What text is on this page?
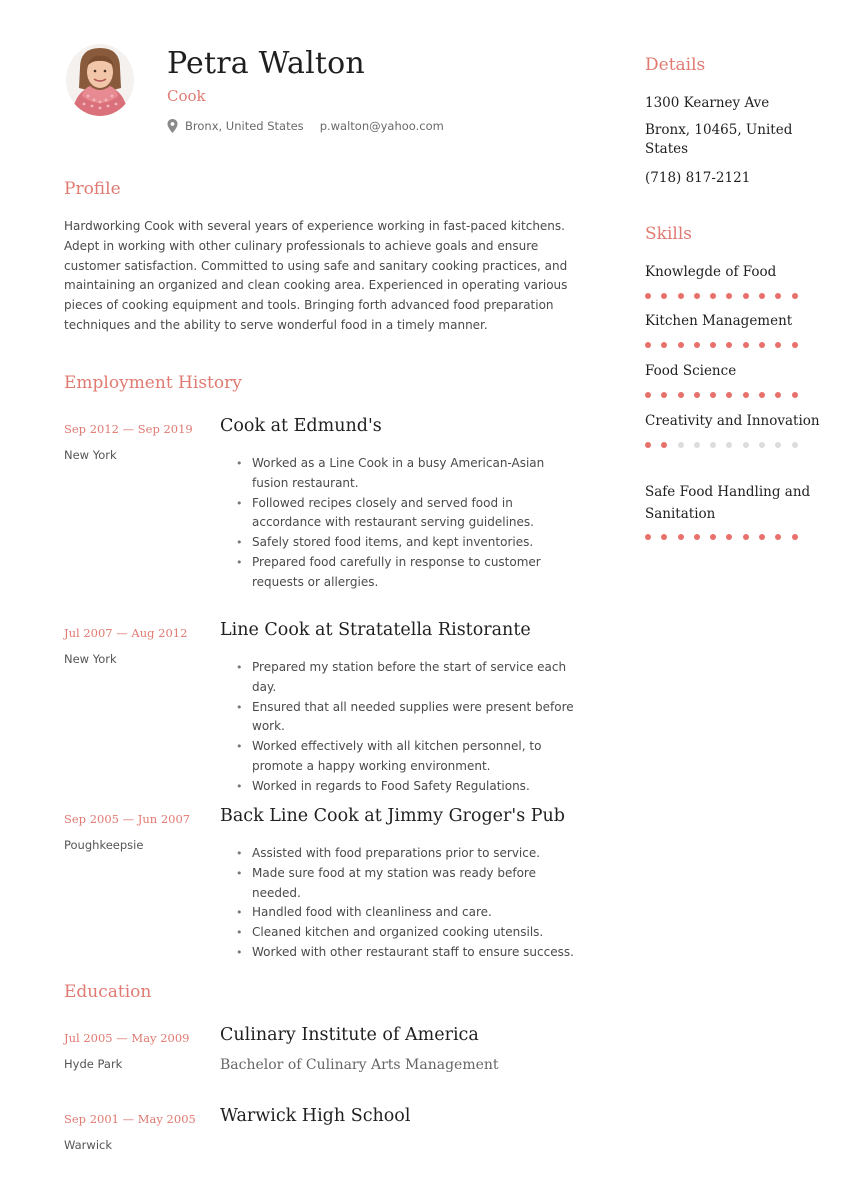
Petra Walton
Cook
Bronx, United States p.walton@yahoo.com
Profile
Hardworking Cook with several years of experience working in fast-paced kitchens. Adept in working with other culinary professionals to achieve goals and ensure customer satisfaction. Committed to using safe and sanitary cooking practices, and maintaining an organized and clean cooking area. Experienced in operating various pieces of cooking equipment and tools. Bringing forth advanced food preparation techniques and the ability to serve wonderful food in a timely manner.
Employment History
Sep 2012 — Sep 2019
New York
Cook at Edmund's
• Worked as a Line Cook in a busy American-Asian fusion restaurant.
• Followed recipes closely and served food in accordance with restaurant serving guidelines.
• Safely stored food items, and kept inventories.
• Prepared food carefully in response to customer requests or allergies.
Jul 2007 — Aug 2012
New York
Line Cook at Stratatella Ristorante
• Prepared my station before the start of service each day.
• Ensured that all needed supplies were present before work.
• Worked effectively with all kitchen personnel, to promote a happy working environment.
• Worked in regards to Food Safety Regulations.
Sep 2005 — Jun 2007
Poughkeepsie
Back Line Cook at Jimmy Groger's Pub
• Assisted with food preparations prior to service.
• Made sure food at my station was ready before needed.
• Handled food with cleanliness and care.
• Cleaned kitchen and organized cooking utensils.
• Worked with other restaurant staff to ensure success.
Education
Jul 2005 — May 2009
Hyde Park
Culinary Institute of America
Bachelor of Culinary Arts Management
Sep 2001 — May 2005
Warwick
Warwick High School
Details
1300 Kearney Ave
Bronx, 10465, United States
(718) 817-2121
Skills
Knowlegde of Food
Kitchen Management
Food Science
Creativity and Innovation
Safe Food Handling and Sanitation
